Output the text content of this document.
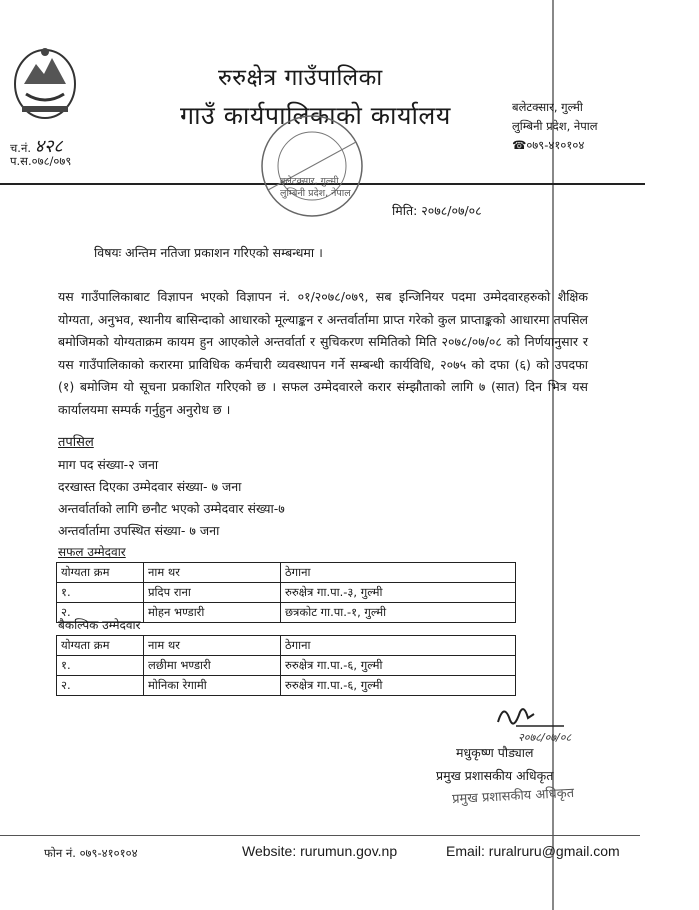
रुरुक्षेत्र गाउँपालिका
गाउँ कार्यपालिकाको कार्यालय	बलेटक्सार, गुल्मी
लुम्बिनी प्रदेश, नेपाल
☎०७९-४१०१०४
च.नं. ४२८
प.स.०७८/०७९
बलेटक्सार, गुल्मी लुम्बिनी प्रदेश, नेपाल
मिति: २०७८/०७/०८
विषयः अन्तिम नतिजा प्रकाशन गरिएको सम्बन्धमा ।
यस गाउँपालिकाबाट विज्ञापन भएको विज्ञापन नं. ०१/२०७८/०७९, सब इन्जिनियर पदमा उम्मेदवारहरुको शैक्षिक योग्यता, अनुभव, स्थानीय बासिन्दाको आधारको मूल्याङ्कन र अन्तर्वार्तामा प्राप्त गरेको कुल प्राप्ताङ्कको आधारमा तपसिल बमोजिमको योग्यताक्रम कायम हुन आएकोले अन्तर्वार्ता र सुचिकरण समितिको मिति २०७८/०७/०८ को निर्णयानुसार र यस गाउँपालिकाको करारमा प्राविधिक कर्मचारी व्यवस्थापन गर्ने सम्बन्धी कार्यविधि, २०७५ को दफा (६) को उपदफा (१) बमोजिम यो सूचना प्रकाशित गरिएको छ । सफल उम्मेदवारले करार संम्झौताको लागि ७ (सात) दिन भित्र यस कार्यालयमा सम्पर्क गर्नुहुन अनुरोध छ ।
तपसिल
माग पद संख्या-२ जना
दरखास्त दिएका उम्मेदवार संख्या- ७ जना
अन्तर्वार्ताको लागि छनौट भएको उम्मेदवार संख्या-७
अन्तर्वार्तामा उपस्थित संख्या- ७ जना
सफल उम्मेदवार
योग्यता क्रम	नाम थर	ठेगाना
१.	प्रदिप राना	रुरुक्षेत्र गा.पा.-३, गुल्मी
२.	मोहन भण्डारी	छत्रकोट गा.पा.-१, गुल्मी
बैकल्पिक उम्मेदवार
योग्यता क्रम	नाम थर	ठेगाना
१.	लछीमा भण्डारी	रुरुक्षेत्र गा.पा.-६, गुल्मी
२.	मोनिका रेगामी	रुरुक्षेत्र गा.पा.-६, गुल्मी
२०७८/०७/०८
मधुकृष्ण पौड्याल
प्रमुख प्रशासकीय अधिकृत
प्रमुख प्रशासकीय अधिकृत
फोन नं. ०७९-४१०१०४	Website: rurumun.gov.np	Email: ruralruru@gmail.com
